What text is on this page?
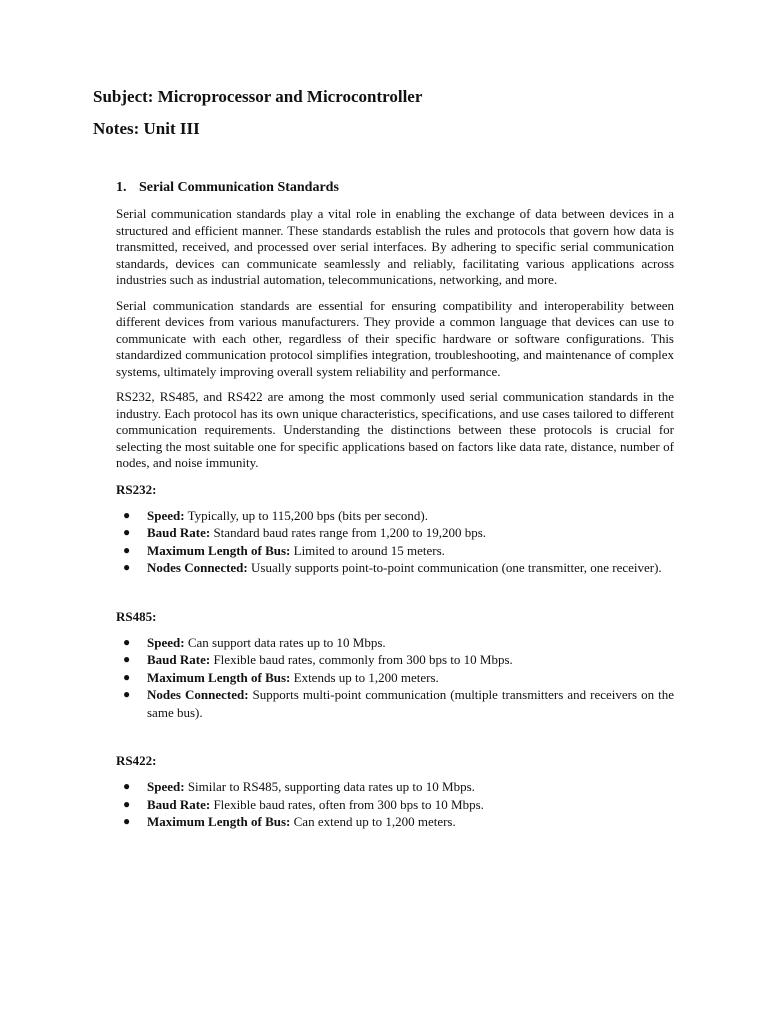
Subject: Microprocessor and Microcontroller
Notes: Unit III
1. Serial Communication Standards

Serial communication standards play a vital role in enabling the exchange of data between devices in a structured and efficient manner. These standards establish the rules and protocols that govern how data is transmitted, received, and processed over serial interfaces. By adhering to specific serial communication standards, devices can communicate seamlessly and reliably, facilitating various applications across industries such as industrial automation, telecommunications, networking, and more.

Serial communication standards are essential for ensuring compatibility and interoperability between different devices from various manufacturers. They provide a common language that devices can use to communicate with each other, regardless of their specific hardware or software configurations. This standardized communication protocol simplifies integration, troubleshooting, and maintenance of complex systems, ultimately improving overall system reliability and performance.

RS232, RS485, and RS422 are among the most commonly used serial communication standards in the industry. Each protocol has its own unique characteristics, specifications, and use cases tailored to different communication requirements. Understanding the distinctions between these protocols is crucial for selecting the most suitable one for specific applications based on factors like data rate, distance, number of nodes, and noise immunity.

RS232:
● Speed: Typically, up to 115,200 bps (bits per second).
● Baud Rate: Standard baud rates range from 1,200 to 19,200 bps.
● Maximum Length of Bus: Limited to around 15 meters.
● Nodes Connected: Usually supports point-to-point communication (one transmitter, one receiver).
RS485:
● Speed: Can support data rates up to 10 Mbps.
● Baud Rate: Flexible baud rates, commonly from 300 bps to 10 Mbps.
● Maximum Length of Bus: Extends up to 1,200 meters.
● Nodes Connected: Supports multi-point communication (multiple transmitters and receivers on the same bus).
RS422:
● Speed: Similar to RS485, supporting data rates up to 10 Mbps.
● Baud Rate: Flexible baud rates, often from 300 bps to 10 Mbps.
● Maximum Length of Bus: Can extend up to 1,200 meters.
